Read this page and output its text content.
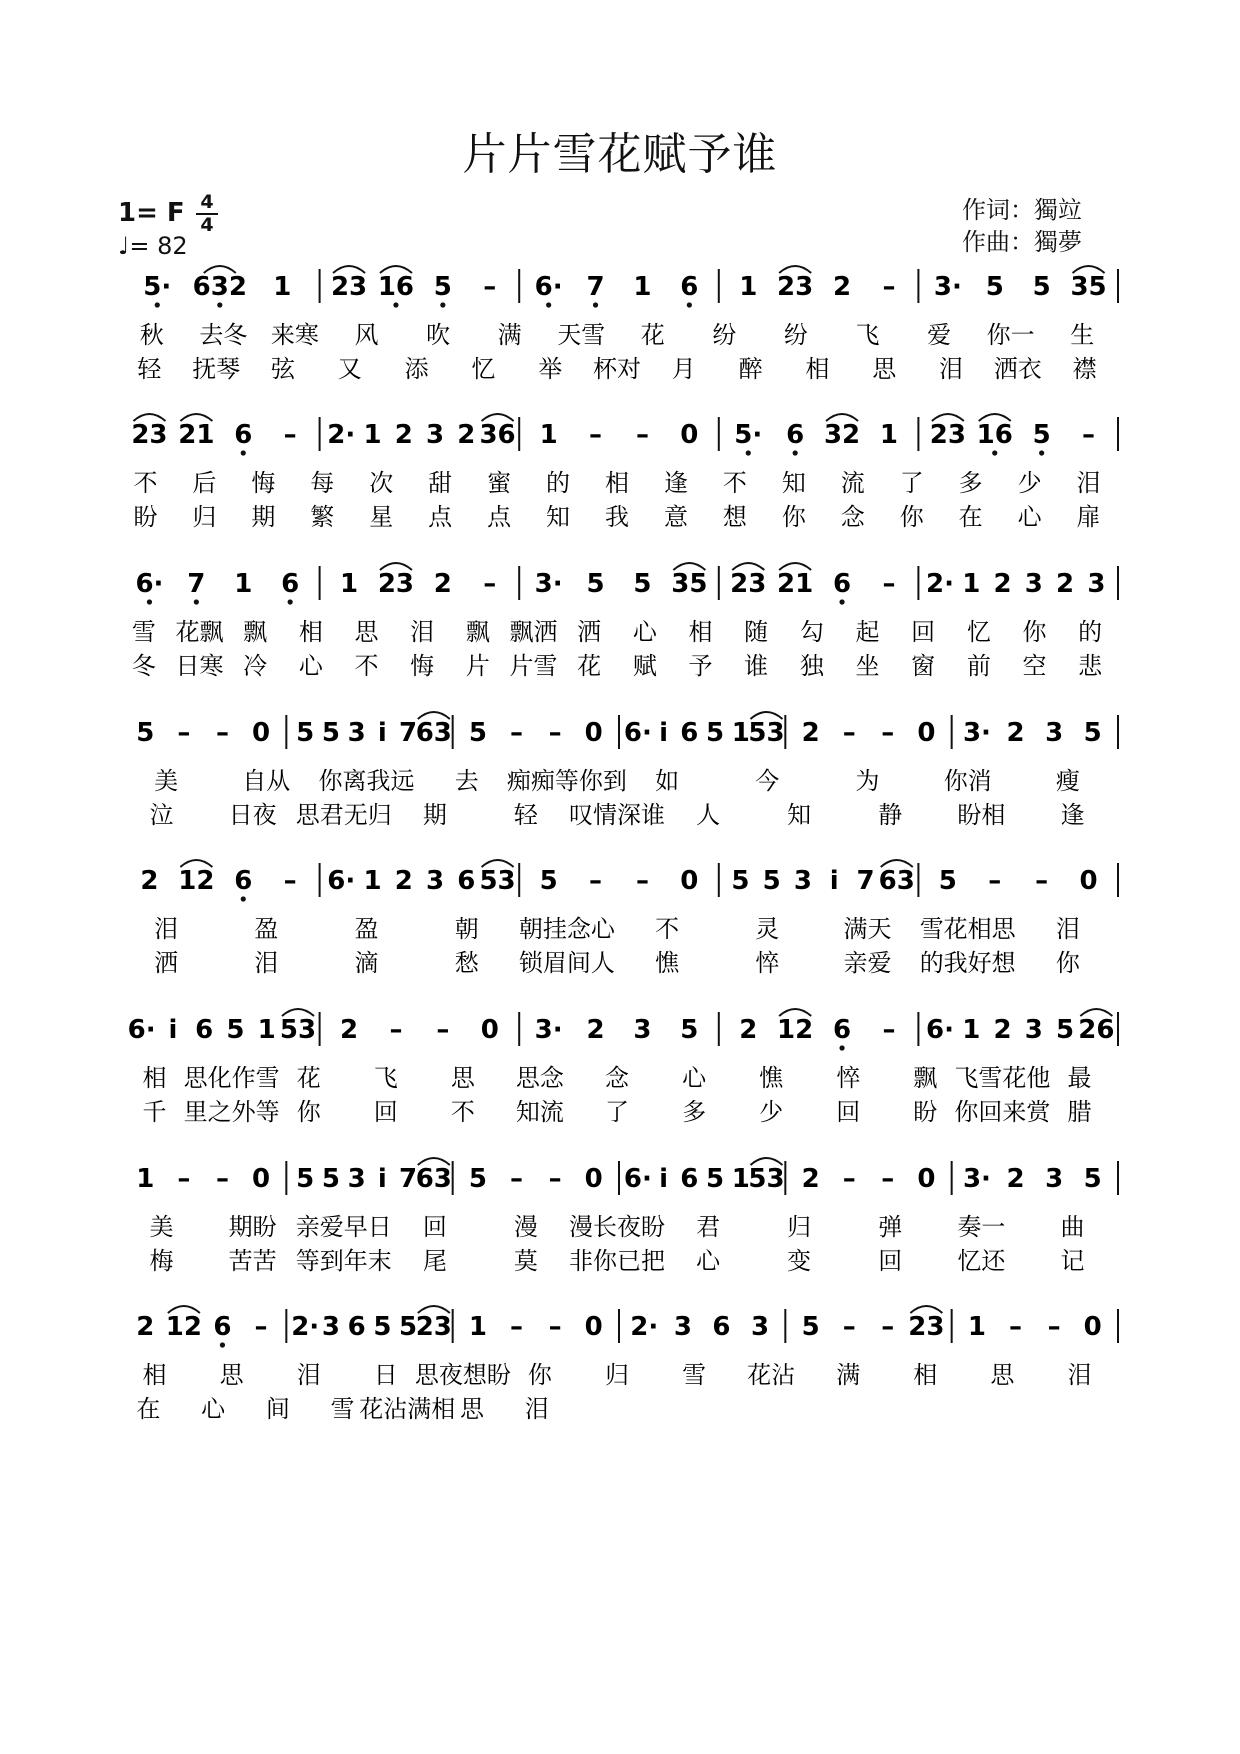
片片雪花赋予谁
1= F 4
4
♩= 82
作词：獨竝
作曲：獨夢
5· 632 1 23 16 5 – 6· 7 1 6 1 23 2 – 3· 5 5 35
秋 去冬 来寒 风 吹 满 天雪 花 纷 纷 飞 爱 你一 生
轻 抚琴 弦 又 添 忆 举 杯对 月 醉 相 思 泪 洒衣 襟
23 21 6 – 2· 1 2 3 2 36 1 – – 0 5· 6 32 1 23 16 5 –
不 后 悔 每 次 甜 蜜 的 相 逢 不 知 流 了 多 少 泪
盼 归 期 繁 星 点 点 知 我 意 想 你 念 你 在 心 扉
6· 7 1 6 1 23 2 – 3· 5 5 35 23 21 6 – 2· 1 2 3 2 3
雪 花飘 飘 相 思 泪 飘 飘洒 洒 心 相 随 勾 起 回 忆 你 的
冬 日寒 冷 心 不 悔 片 片雪 花 赋 予 谁 独 坐 窗 前 空 悲
5 – – 0 5 5 3 i 7
63 5 – – 0 6· i 6 5 1
53 2 – – 0 3· 2 3 5
美	自从 你离我远 去 痴痴等你到 如	今	为	你消	瘦
泣 日夜 思君无归 期	轻 叹情深谁 人	知	静 盼相 逢
2 12 6 – 6· 1 2 3 6 53 5 – – 0 5 5 3 i 7 63 5 – – 0
泪	盈	盈	朝 朝挂念心 不	灵	满天 雪花相思 泪
洒	泪	滴	愁 锁眉间人 憔	悴	亲爱 的我好想 你
6· i 6 5 1 53 2 – – 0 3· 2 3 5 2 12 6 – 6· 1 2 3 5 26
相 思化作雪 花 飞 思 思念 念 心 憔 悴 飘 飞雪花他 最
千 里之外等 你 回 不 知流 了 多 少 回 盼 你回来赏 腊
1 – – 0 5 5 3 i 7
63 5 – – 0 6· i 6 5 1
53 2 – – 0 3· 2 3 5
美 期盼 亲爱早日 回	漫 漫长夜盼 君	归	弹 奏一 曲
梅 苦苦 等到年末 尾	莫 非你已把 心	变	回 忆还 记
2 12 6 – 2· 3 6 5 5
23 1 – – 0 2· 3 6 3 5 – – 23 1 – – 0
相 思 泪 日 思夜想盼 你 归 雪 花沾 满 相 思 泪
在 心 间 雪 花沾满相 思 泪
